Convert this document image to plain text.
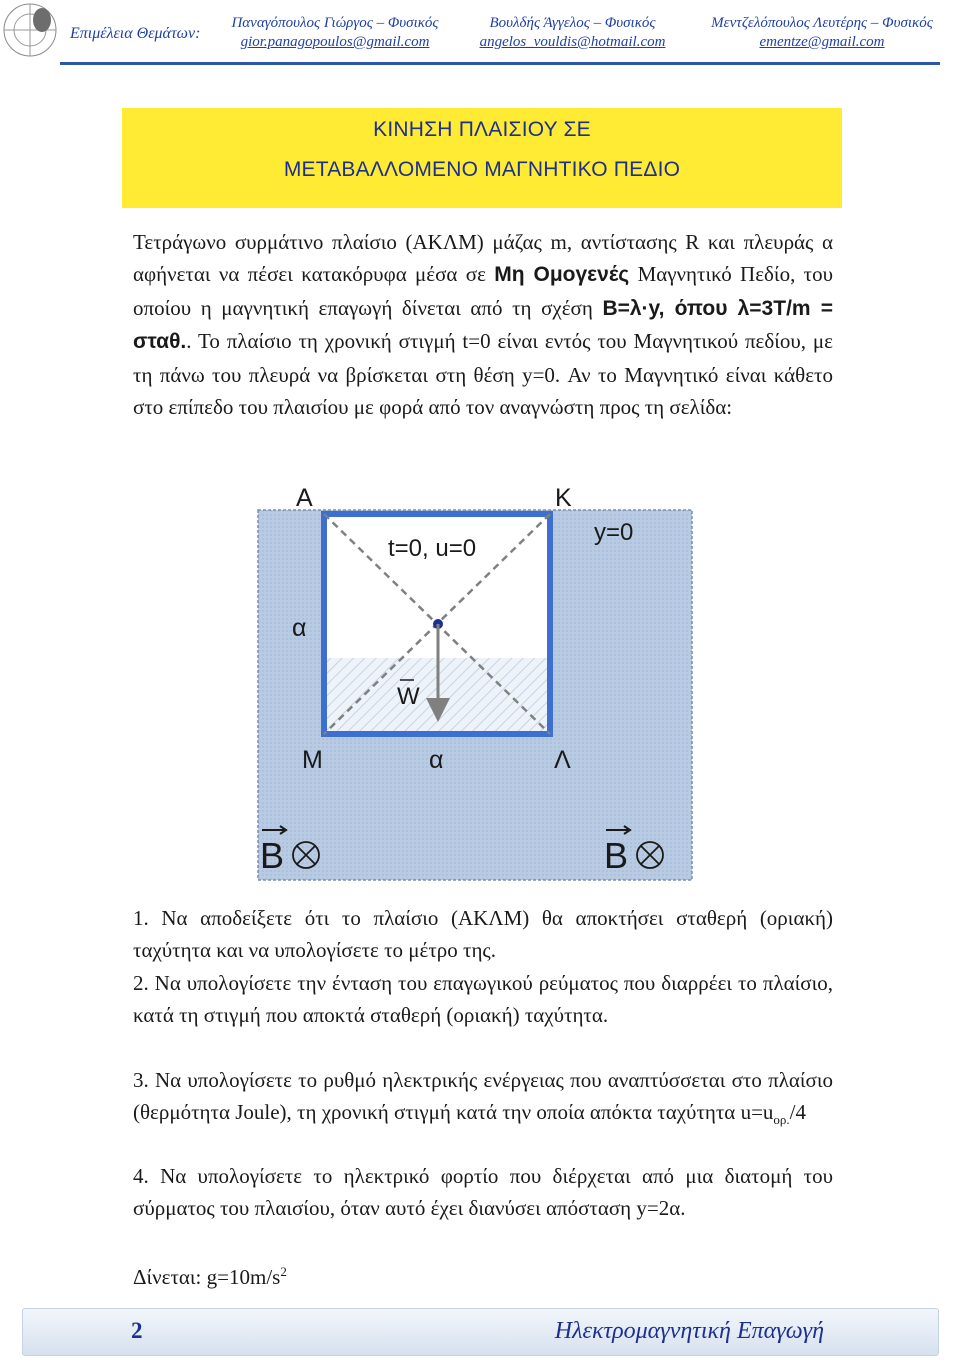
Επιμέλεια Θεμάτων:
Παναγόπουλος Γιώργος – Φυσικός
gior.panagopoulos@gmail.com
Βουλδής Άγγελος – Φυσικός
angelos_vouldis@hotmail.com
Μεντζελόπουλος Λευτέρης – Φυσικός
ementze@gmail.com
ΚΙΝΗΣΗ ΠΛΑΙΣΙΟΥ ΣΕ
ΜΕΤΑΒΑΛΛΟΜΕΝΟ ΜΑΓΝΗΤΙΚΟ ΠΕΔΙΟ
Τετράγωνο συρμάτινο πλαίσιο (ΑΚΛΜ) μάζας m, αντίστασης R και πλευράς α αφήνεται να πέσει κατακόρυφα μέσα σε Μη Ομογενές Μαγνητικό Πεδίο, του οποίου η μαγνητική επαγωγή δίνεται από τη σχέση Β=λ·y, όπου λ=3Τ/m = σταθ.. Το πλαίσιο τη χρονική στιγμή t=0 είναι εντός του Μαγνητικού πεδίου, με τη πάνω του πλευρά να βρίσκεται στη θέση y=0. Αν το Μαγνητικό είναι κάθετο στο επίπεδο του πλαισίου με φορά από τον αναγνώστη προς τη σελίδα:
Α	Κ
t=0, u=0
y=0
α
W
Μ	α	Λ
B	B
1. Να αποδείξετε ότι το πλαίσιο (ΑΚΛΜ) θα αποκτήσει σταθερή (οριακή) ταχύτητα και να υπολογίσετε το μέτρο της.
2. Να υπολογίσετε την ένταση του επαγωγικού ρεύματος που διαρρέει το πλαίσιο, κατά τη στιγμή που αποκτά σταθερή (οριακή) ταχύτητα.
3. Να υπολογίσετε το ρυθμό ηλεκτρικής ενέργειας που αναπτύσσεται στο πλαίσιο (θερμότητα Joule), τη χρονική στιγμή κατά την οποία απόκτα ταχύτητα $u=u_{o\rho.}/4$
4. Να υπολογίσετε το ηλεκτρικό φορτίο που διέρχεται από μια διατομή του σύρματος του πλαισίου, όταν αυτό έχει διανύσει απόσταση y=2α.
Δίνεται: $g=10m/s^2$
2	Ηλεκτρομαγνητική Επαγωγή
